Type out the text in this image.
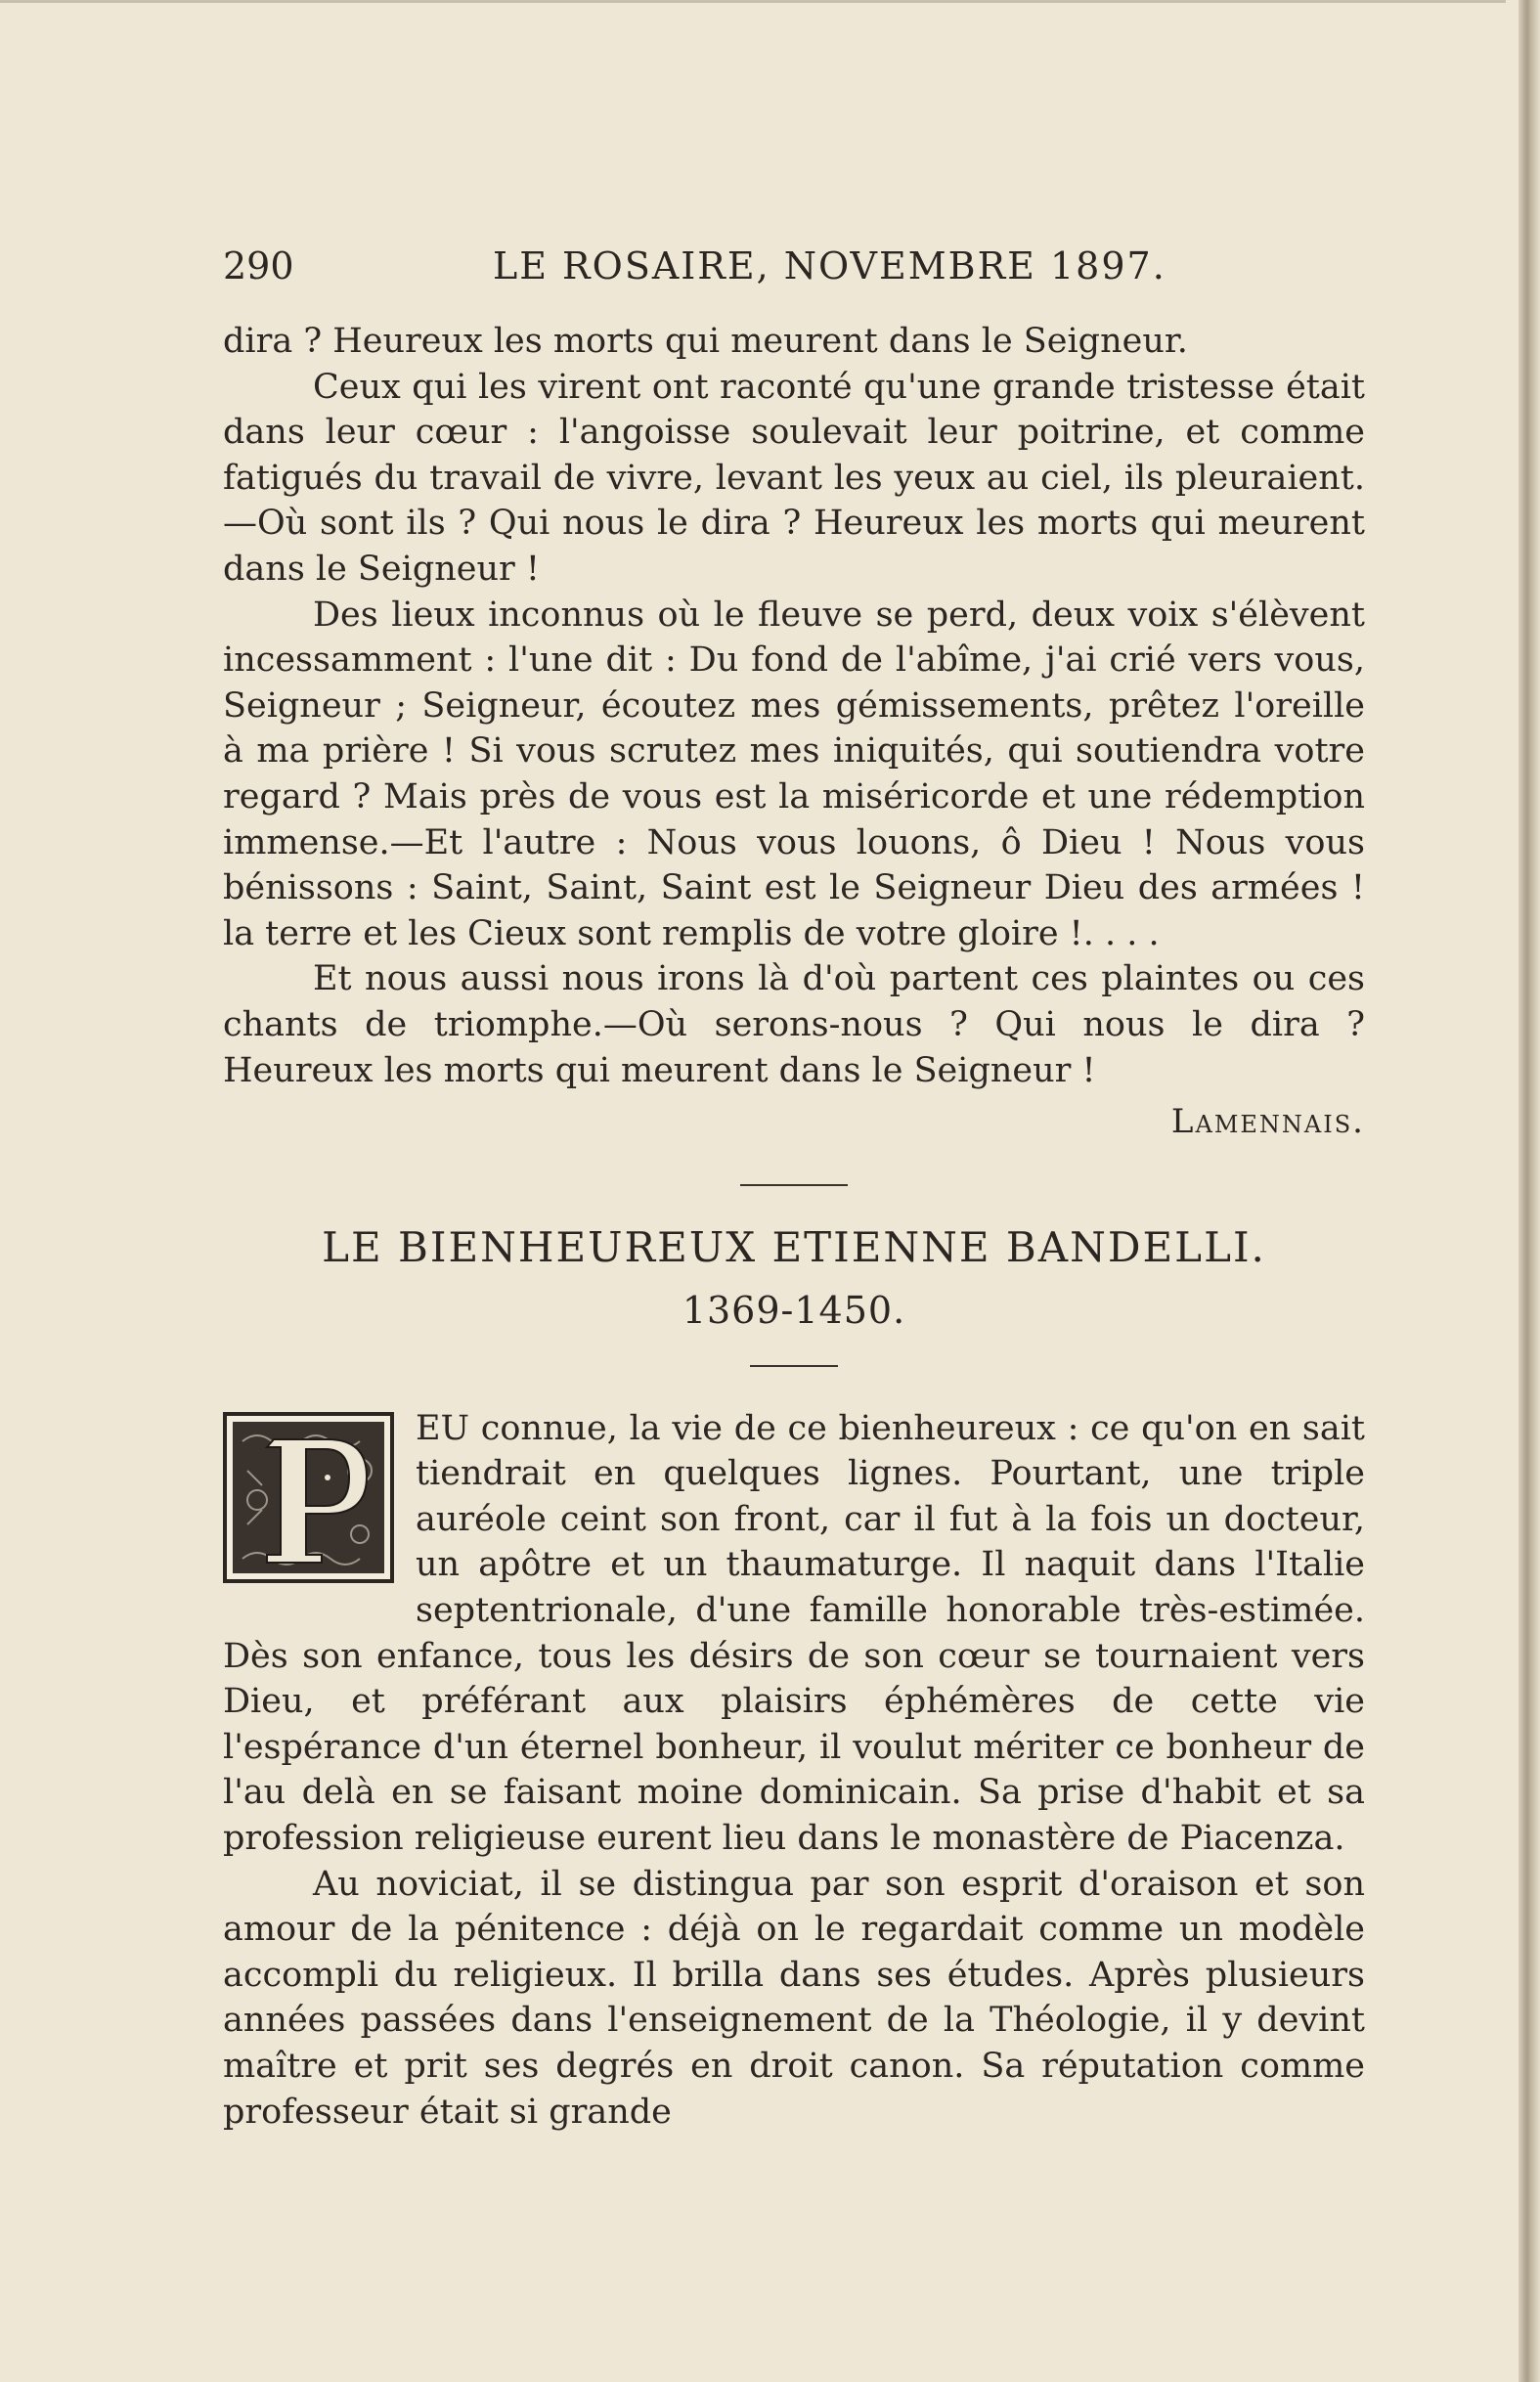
290	LE ROSAIRE, NOVEMBRE 1897.

dira ? Heureux les morts qui meurent dans le Seigneur.

Ceux qui les virent ont raconté qu'une grande tristesse était dans leur cœur : l'angoisse soulevait leur poitrine, et comme fatigués du travail de vivre, levant les yeux au ciel, ils pleuraient.—Où sont ils ? Qui nous le dira ? Heureux les morts qui meurent dans le Seigneur !

Des lieux inconnus où le fleuve se perd, deux voix s'élèvent incessamment : l'une dit : Du fond de l'abîme, j'ai crié vers vous, Seigneur ; Seigneur, écoutez mes gémissements, prêtez l'oreille à ma prière ! Si vous scrutez mes iniquités, qui soutiendra votre regard ? Mais près de vous est la miséricorde et une rédemption immense.—Et l'autre : Nous vous louons, ô Dieu ! Nous vous bénissons : Saint, Saint, Saint est le Seigneur Dieu des armées ! la terre et les Cieux sont remplis de votre gloire !. . . .

Et nous aussi nous irons là d'où partent ces plaintes ou ces chants de triomphe.—Où serons-nous ? Qui nous le dira ? Heureux les morts qui meurent dans le Seigneur !

Lamennais.
LE BIENHEUREUX ETIENNE BANDELLI.
1369-1450.

EU connue, la vie de ce bienheureux : ce qu'on en sait tiendrait en quelques lignes. Pourtant, une triple auréole ceint son front, car il fut à la fois un docteur, un apôtre et un thaumaturge. Il naquit dans l'Italie septentrionale, d'une famille honorable très-estimée. Dès son enfance, tous les désirs de son cœur se tournaient vers Dieu, et préférant aux plaisirs éphémères de cette vie l'espérance d'un éternel bonheur, il voulut mériter ce bonheur de l'au delà en se faisant moine dominicain. Sa prise d'habit et sa profession religieuse eurent lieu dans le monastère de Piacenza.

Au noviciat, il se distingua par son esprit d'oraison et son amour de la pénitence : déjà on le regardait comme un modèle accompli du religieux. Il brilla dans ses études. Après plusieurs années passées dans l'enseignement de la Théologie, il y devint maître et prit ses degrés en droit canon. Sa réputation comme professeur était si grande
